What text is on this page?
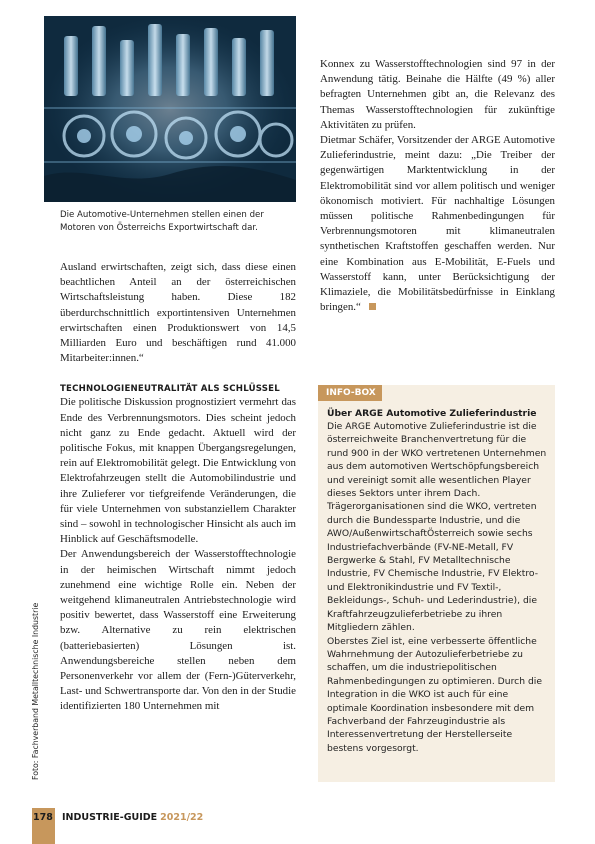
Die Automotive-Unternehmen stellen einen der Motoren von Österreichs Exportwirtschaft dar.

Ausland erwirtschaften, zeigt sich, dass diese einen beachtlichen Anteil an der österreichischen Wirtschaftsleistung haben. Diese 182 überdurchschnittlich exportintensiven Unternehmen erwirtschaften einen Produktionswert von 14,5 Milliarden Euro und beschäftigen rund 41.000 Mitarbeiter:innen.“

TECHNOLOGIENEUTRALITÄT ALS SCHLÜSSEL

Die politische Diskussion prognostiziert vermehrt das Ende des Verbrennungsmotors. Dies scheint jedoch nicht ganz zu Ende gedacht. Aktuell wird der politische Fokus, mit knappen Übergangsregelungen, rein auf Elektromobilität gelegt. Die Entwicklung von Elektrofahrzeugen stellt die Automobilindustrie und ihre Zulieferer vor tiefgreifende Veränderungen, die für viele Unternehmen von substanziellem Charakter sind – sowohl in technologischer Hinsicht als auch im Hinblick auf Geschäftsmodelle.

Der Anwendungsbereich der Wasserstofftechnologie in der heimischen Wirtschaft nimmt jedoch zunehmend eine wichtige Rolle ein. Neben der weitgehend klimaneutralen Antriebstechnologie wird positiv bewertet, dass Wasserstoff eine Erweiterung bzw. Alternative zu rein elektrischen (batteriebasierten) Lösungen ist. Anwendungsbereiche stellen neben dem Personenverkehr vor allem der (Fern-)Güterverkehr, Last- und Schwertransporte dar. Von den in der Studie identifizierten 180 Unternehmen mit

Konnex zu Wasserstofftechnologien sind 97 in der Anwendung tätig. Beinahe die Hälfte (49 %) aller befragten Unternehmen gibt an, die Relevanz des Themas Wasserstofftechnologien für zukünftige Aktivitäten zu prüfen.

Dietmar Schäfer, Vorsitzender der ARGE Automotive Zulieferindustrie, meint dazu: „Die Treiber der gegenwärtigen Marktentwicklung in der Elektromobilität sind vor allem politisch und weniger ökonomisch motiviert. Für nachhaltige Lösungen müssen politische Rahmenbedingungen für Verbrennungsmotoren mit klimaneutralen synthetischen Kraftstoffen geschaffen werden. Nur eine Kombination aus E-Mobilität, E-Fuels und Wasserstoff kann, unter Berücksichtigung der Klimaziele, die Mobilitätsbedürfnisse in Einklang bringen.“

INFO-BOX
Über ARGE Automotive Zulieferindustrie

Die ARGE Automotive Zulieferindustrie ist die österreichweite Branchenvertretung für die rund 900 in der WKO vertretenen Unternehmen aus dem automotiven Wertschöpfungsbereich und vereinigt somit alle wesentlichen Player dieses Sektors unter ihrem Dach. Trägerorganisationen sind die WKO, vertreten durch die Bundessparte Industrie, und die AWO/AußenwirtschaftÖsterreich sowie sechs Industriefachverbände (FV-NE-Metall, FV Bergwerke & Stahl, FV Metalltechnische Industrie, FV Chemische Industrie, FV Elektro- und Elektronikindustrie und FV Textil-, Bekleidungs-, Schuh- und Lederindustrie), die Kraftfahrzeugzulieferbetriebe zu ihren Mitgliedern zählen.

Oberstes Ziel ist, eine verbesserte öffentliche Wahrnehmung der Autozulieferbetriebe zu schaffen, um die industriepolitischen Rahmenbedingungen zu optimieren. Durch die Integration in die WKO ist auch für eine optimale Koordination insbesondere mit dem Fachverband der Fahrzeugindustrie als Interessenvertretung der Herstellerseite bestens vorgesorgt.

Foto: Fachverband Metalltechnische Industrie
178 INDUSTRIE-GUIDE 2021/22
